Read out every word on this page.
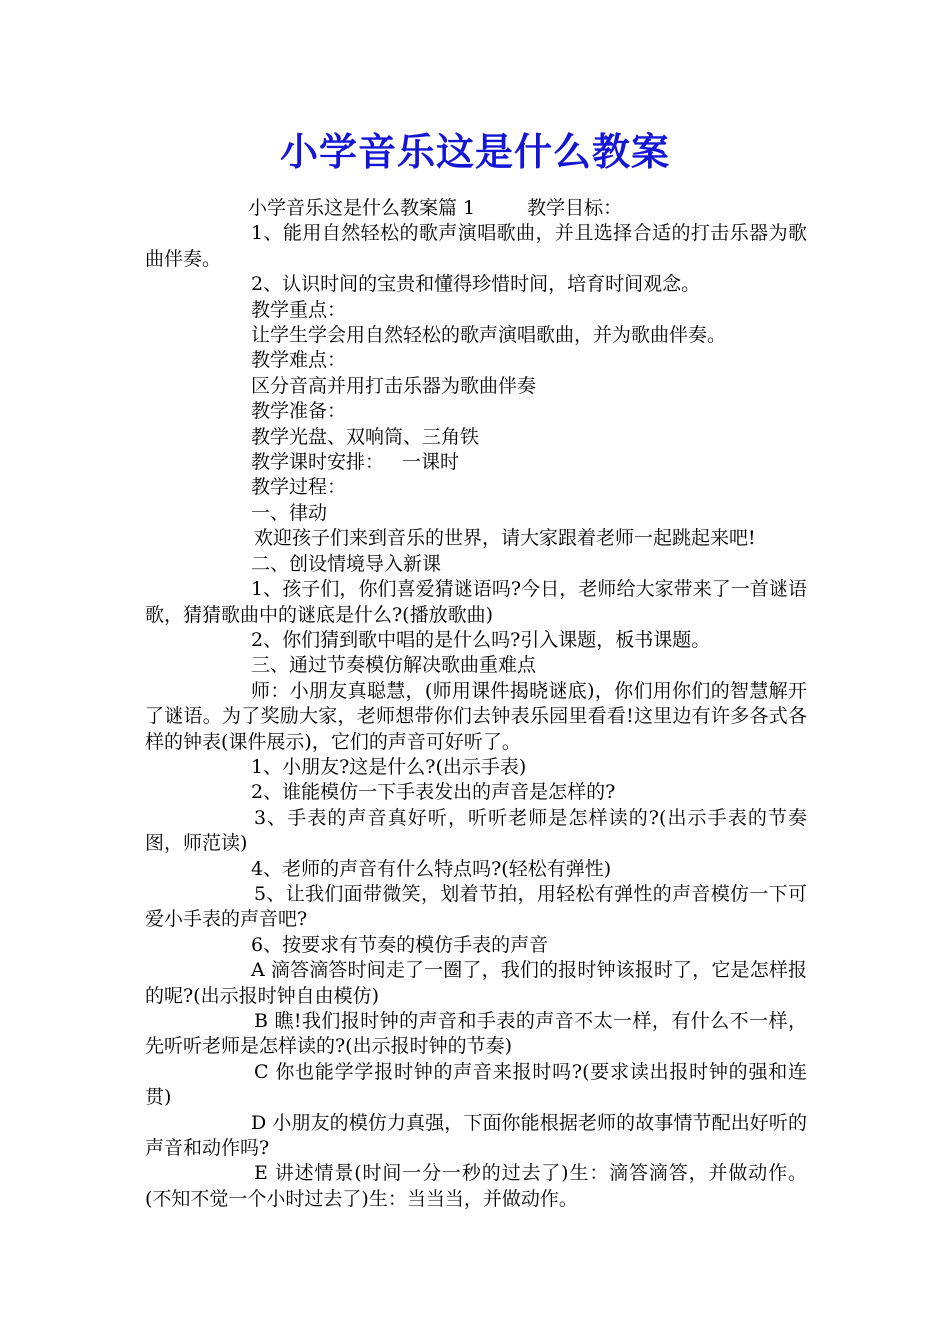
小学音乐这是什么教案

小学音乐这是什么教案篇 1	教学目标：

1、能用自然轻松的歌声演唱歌曲，并且选择合适的打击乐器为歌曲伴奏。

2、认识时间的宝贵和懂得珍惜时间，培育时间观念。

教学重点：

让学生学会用自然轻松的歌声演唱歌曲，并为歌曲伴奏。

教学难点：

区分音高并用打击乐器为歌曲伴奏

教学准备：

教学光盘、双响筒、三角铁

教学课时安排： 一课时

教学过程：

一、律动

欢迎孩子们来到音乐的世界，请大家跟着老师一起跳起来吧!

二、创设情境导入新课

1、孩子们，你们喜爱猜谜语吗?今日，老师给大家带来了一首谜语歌，猜猜歌曲中的谜底是什么?(播放歌曲)

2、你们猜到歌中唱的是什么吗?引入课题，板书课题。

三、通过节奏模仿解决歌曲重难点

师：小朋友真聪慧，(师用课件揭晓谜底)，你们用你们的智慧解开了谜语。为了奖励大家，老师想带你们去钟表乐园里看看!这里边有许多各式各样的钟表(课件展示)，它们的声音可好听了。

1、小朋友?这是什么?(出示手表)

2、谁能模仿一下手表发出的声音是怎样的?

3、手表的声音真好听，听听老师是怎样读的?(出示手表的节奏图，师范读)

4、老师的声音有什么特点吗?(轻松有弹性)

5、让我们面带微笑，划着节拍，用轻松有弹性的声音模仿一下可爱小手表的声音吧?

6、按要求有节奏的模仿手表的声音

A 滴答滴答时间走了一圈了，我们的报时钟该报时了，它是怎样报的呢?(出示报时钟自由模仿)

B 瞧!我们报时钟的声音和手表的声音不太一样，有什么不一样，先听听老师是怎样读的?(出示报时钟的节奏)

C 你也能学学报时钟的声音来报时吗?(要求读出报时钟的强和连贯)

D 小朋友的模仿力真强，下面你能根据老师的故事情节配出好听的声音和动作吗?

E 讲述情景(时间一分一秒的过去了)生：滴答滴答，并做动作。 (不知不觉一个小时过去了)生：当当当，并做动作。
